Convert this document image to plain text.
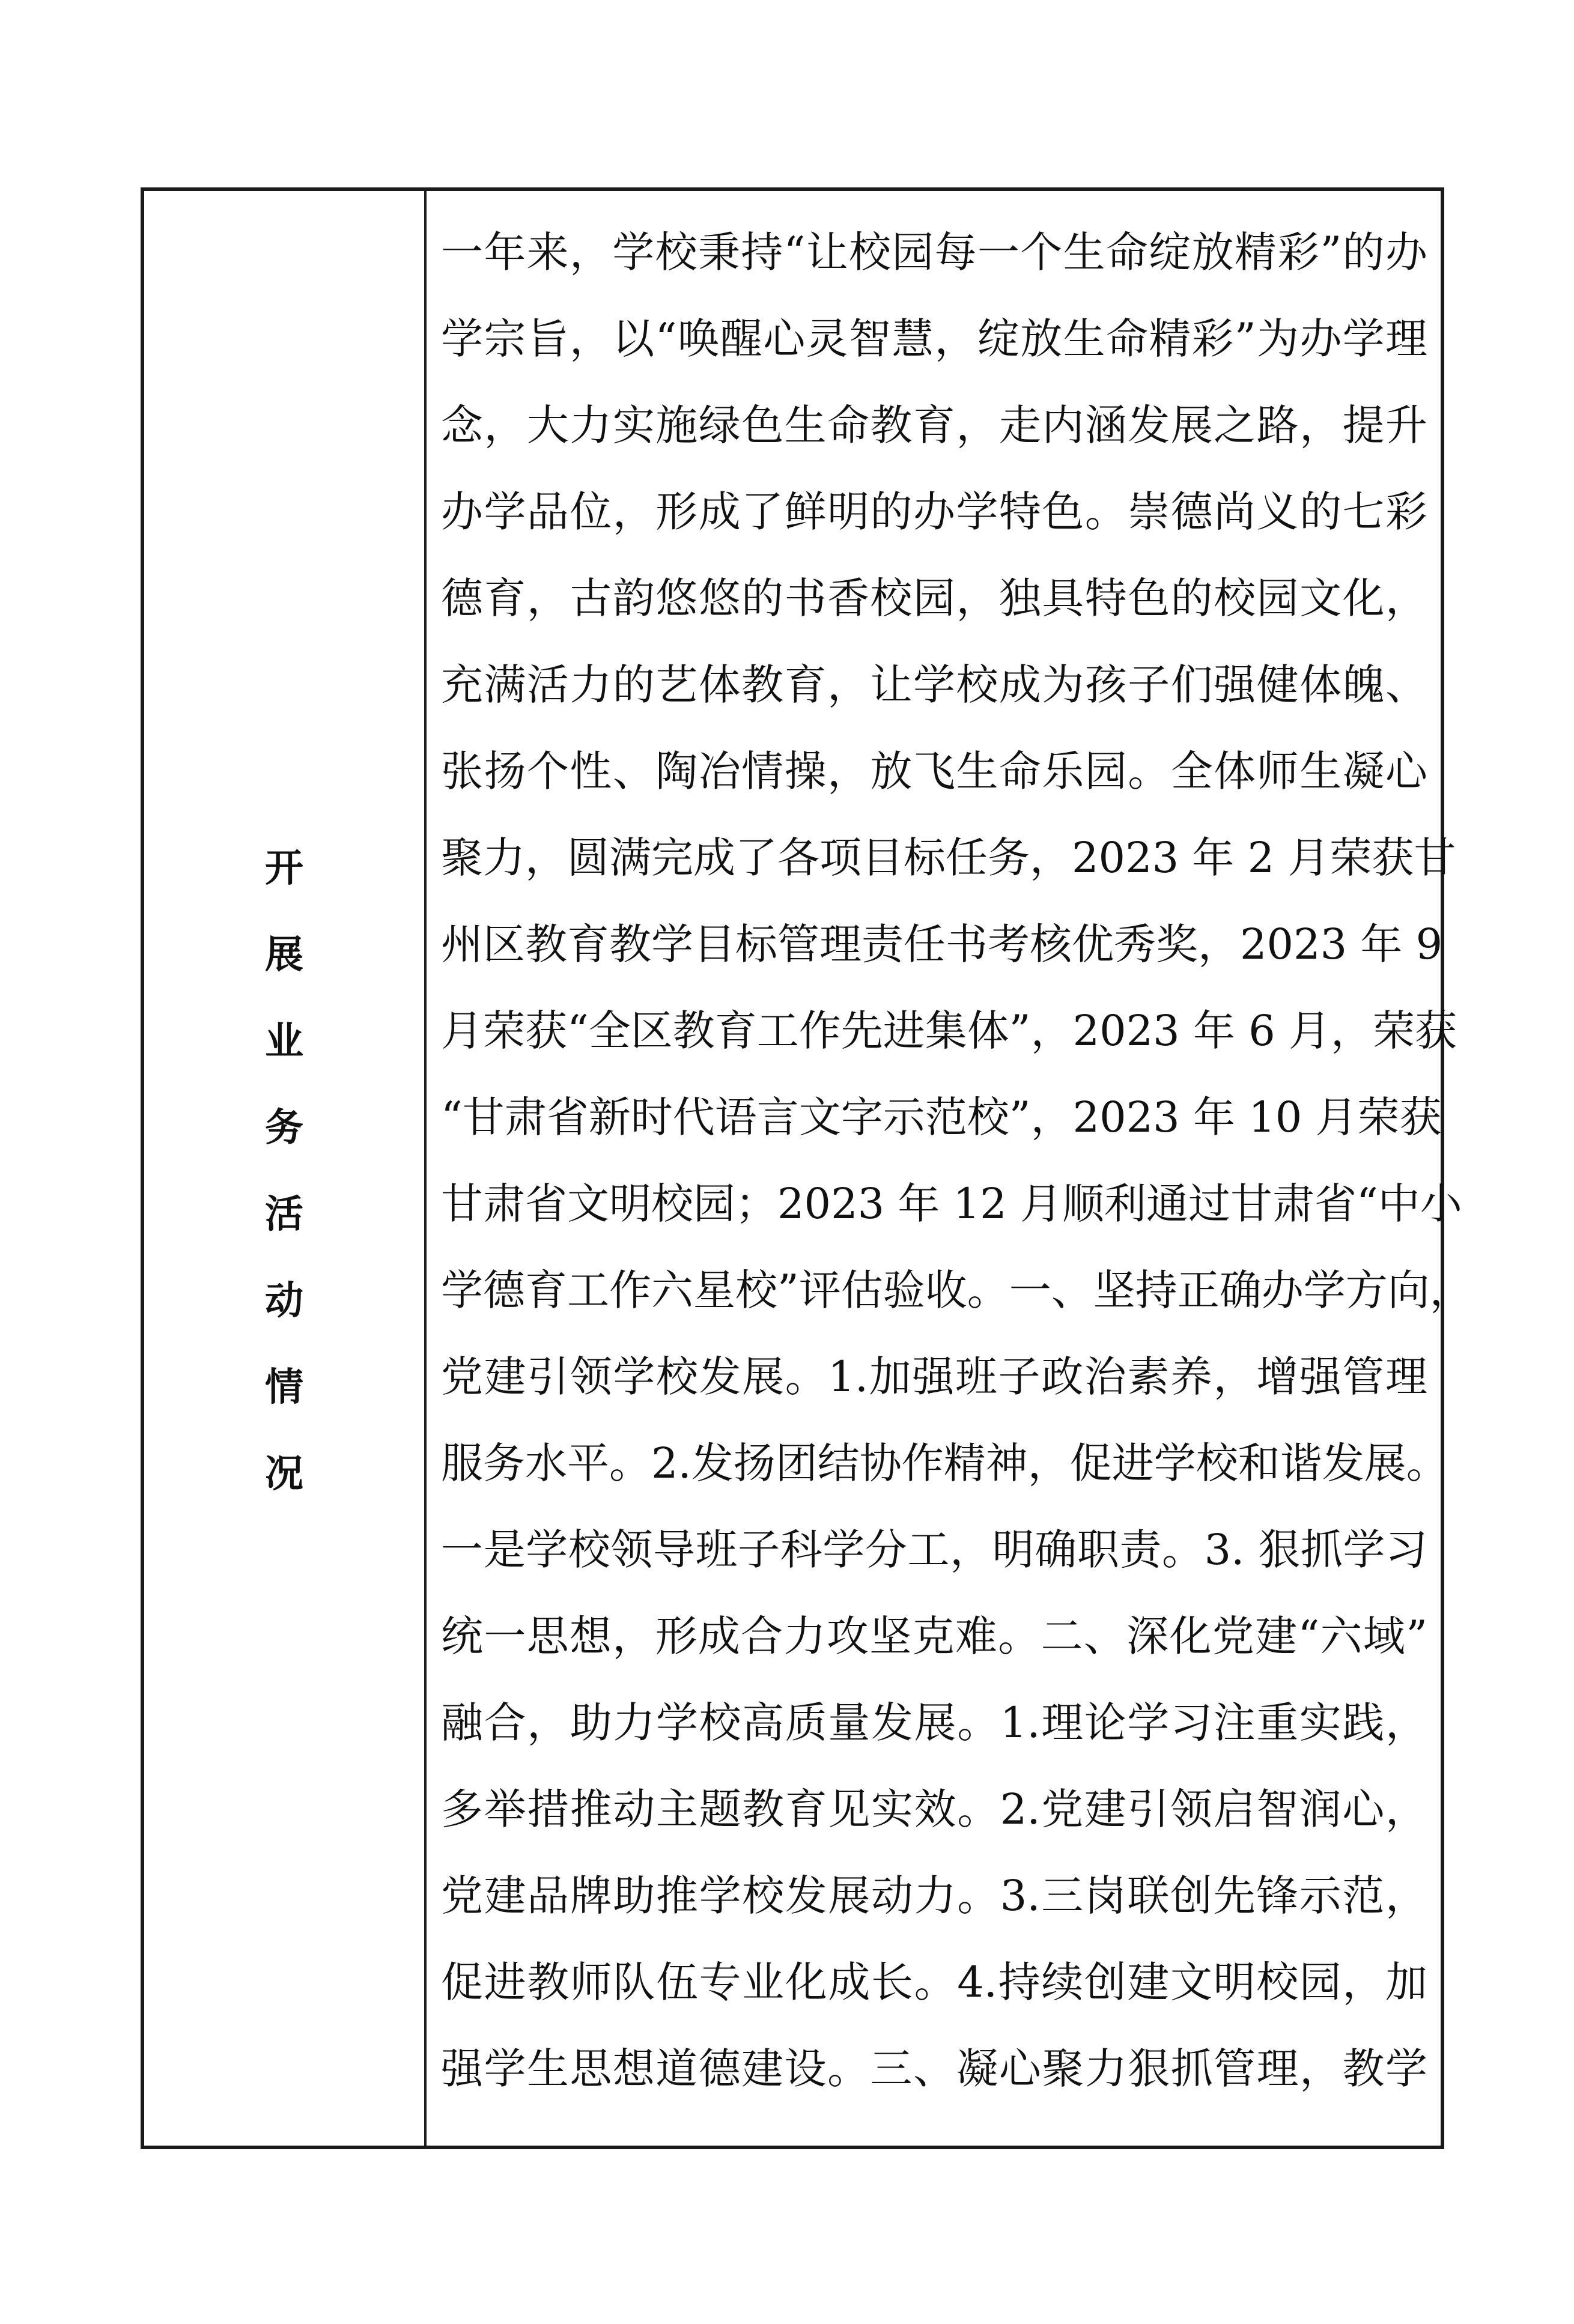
开
展
业
务
活
动
情
况
一年来，学校秉持“让校园每一个生命绽放精彩”的办
学宗旨，以“唤醒心灵智慧，绽放生命精彩”为办学理
念，大力实施绿色生命教育，走内涵发展之路，提升
办学品位，形成了鲜明的办学特色。崇德尚义的七彩
德育，古韵悠悠的书香校园，独具特色的校园文化，
充满活力的艺体教育，让学校成为孩子们强健体魄、
张扬个性、陶冶情操，放飞生命乐园。全体师生凝心
聚力，圆满完成了各项目标任务，2023 年 2 月荣获甘
州区教育教学目标管理责任书考核优秀奖，2023 年 9
月荣获“全区教育工作先进集体”，2023 年 6 月，荣获
“甘肃省新时代语言文字示范校”，2023 年 10 月荣获
甘肃省文明校园；2023 年 12 月顺利通过甘肃省“中小
学德育工作六星校”评估验收。一、坚持正确办学方向，
党建引领学校发展。1.加强班子政治素养，增强管理
服务水平。2.发扬团结协作精神，促进学校和谐发展。
一是学校领导班子科学分工，明确职责。3. 狠抓学习
统一思想，形成合力攻坚克难。二、深化党建“六域”
融合，助力学校高质量发展。1.理论学习注重实践，
多举措推动主题教育见实效。2.党建引领启智润心，
党建品牌助推学校发展动力。3.三岗联创先锋示范，
促进教师队伍专业化成长。4.持续创建文明校园，加
强学生思想道德建设。三、凝心聚力狠抓管理，教学
